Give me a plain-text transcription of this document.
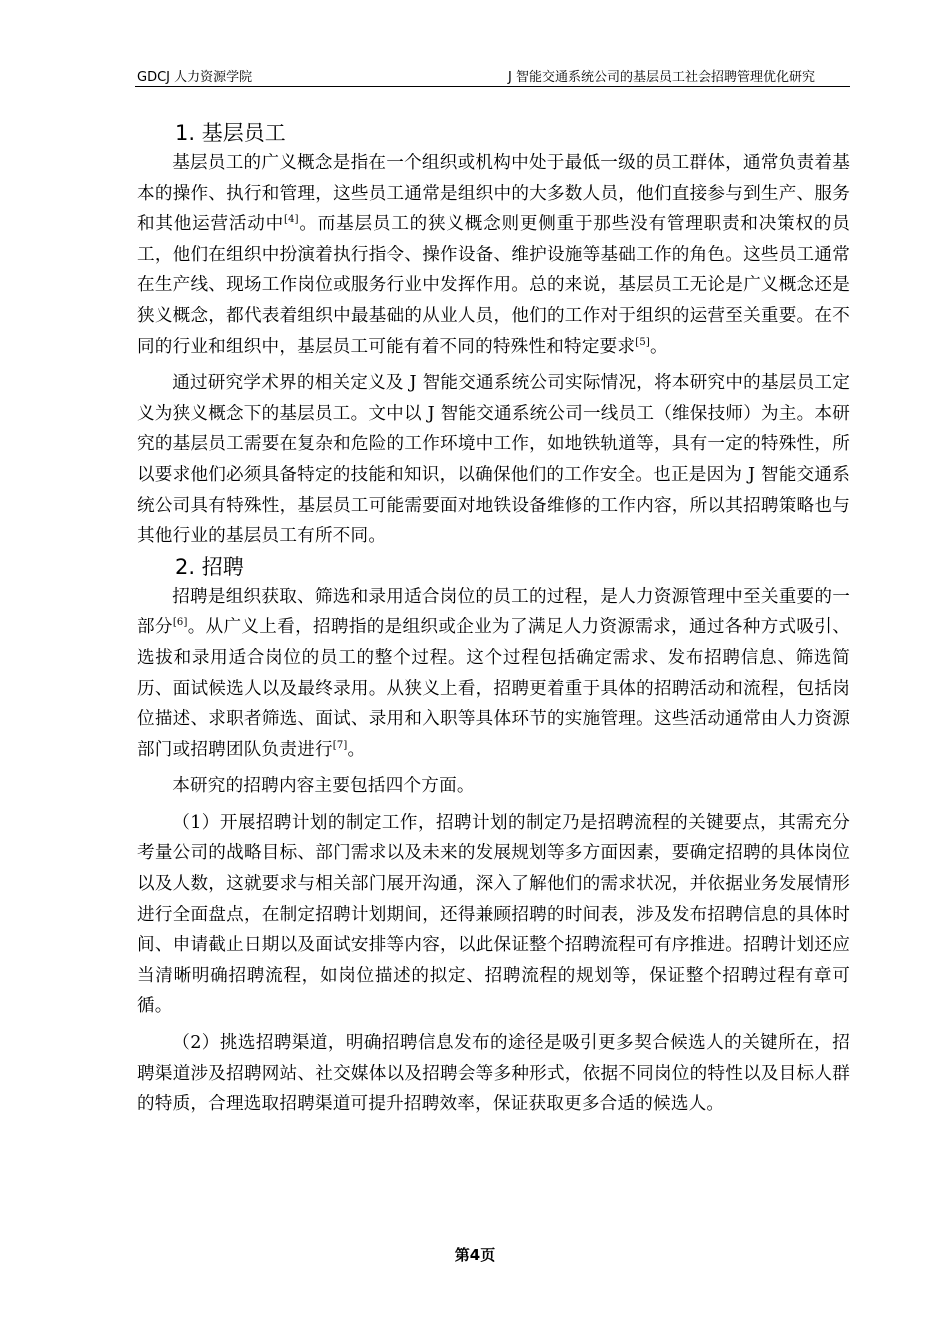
GDCJ 人力资源学院	J 智能交通系统公司的基层员工社会招聘管理优化研究
1. 基层员工

基层员工的广义概念是指在一个组织或机构中处于最低一级的员工群体，通常负责着基本的操作、执行和管理，这些员工通常是组织中的大多数人员，他们直接参与到生产、服务和其他运营活动中[4]。而基层员工的狭义概念则更侧重于那些没有管理职责和决策权的员工，他们在组织中扮演着执行指令、操作设备、维护设施等基础工作的角色。这些员工通常在生产线、现场工作岗位或服务行业中发挥作用。总的来说，基层员工无论是广义概念还是狭义概念，都代表着组织中最基础的从业人员，他们的工作对于组织的运营至关重要。在不同的行业和组织中，基层员工可能有着不同的特殊性和特定要求[5]。

通过研究学术界的相关定义及 J 智能交通系统公司实际情况，将本研究中的基层员工定义为狭义概念下的基层员工。文中以 J 智能交通系统公司一线员工（维保技师）为主。本研究的基层员工需要在复杂和危险的工作环境中工作，如地铁轨道等，具有一定的特殊性，所以要求他们必须具备特定的技能和知识，以确保他们的工作安全。也正是因为 J 智能交通系统公司具有特殊性，基层员工可能需要面对地铁设备维修的工作内容，所以其招聘策略也与其他行业的基层员工有所不同。

2. 招聘

招聘是组织获取、筛选和录用适合岗位的员工的过程，是人力资源管理中至关重要的一部分[6]。从广义上看，招聘指的是组织或企业为了满足人力资源需求，通过各种方式吸引、选拔和录用适合岗位的员工的整个过程。这个过程包括确定需求、发布招聘信息、筛选简历、面试候选人以及最终录用。从狭义上看，招聘更着重于具体的招聘活动和流程，包括岗位描述、求职者筛选、面试、录用和入职等具体环节的实施管理。这些活动通常由人力资源部门或招聘团队负责进行[7]。

本研究的招聘内容主要包括四个方面。

（1）开展招聘计划的制定工作，招聘计划的制定乃是招聘流程的关键要点，其需充分考量公司的战略目标、部门需求以及未来的发展规划等多方面因素，要确定招聘的具体岗位以及人数，这就要求与相关部门展开沟通，深入了解他们的需求状况，并依据业务发展情形进行全面盘点，在制定招聘计划期间，还得兼顾招聘的时间表，涉及发布招聘信息的具体时间、申请截止日期以及面试安排等内容，以此保证整个招聘流程可有序推进。招聘计划还应当清晰明确招聘流程，如岗位描述的拟定、招聘流程的规划等，保证整个招聘过程有章可循。

（2）挑选招聘渠道，明确招聘信息发布的途径是吸引更多契合候选人的关键所在，招聘渠道涉及招聘网站、社交媒体以及招聘会等多种形式，依据不同岗位的特性以及目标人群的特质，合理选取招聘渠道可提升招聘效率，保证获取更多合适的候选人。

第4页
